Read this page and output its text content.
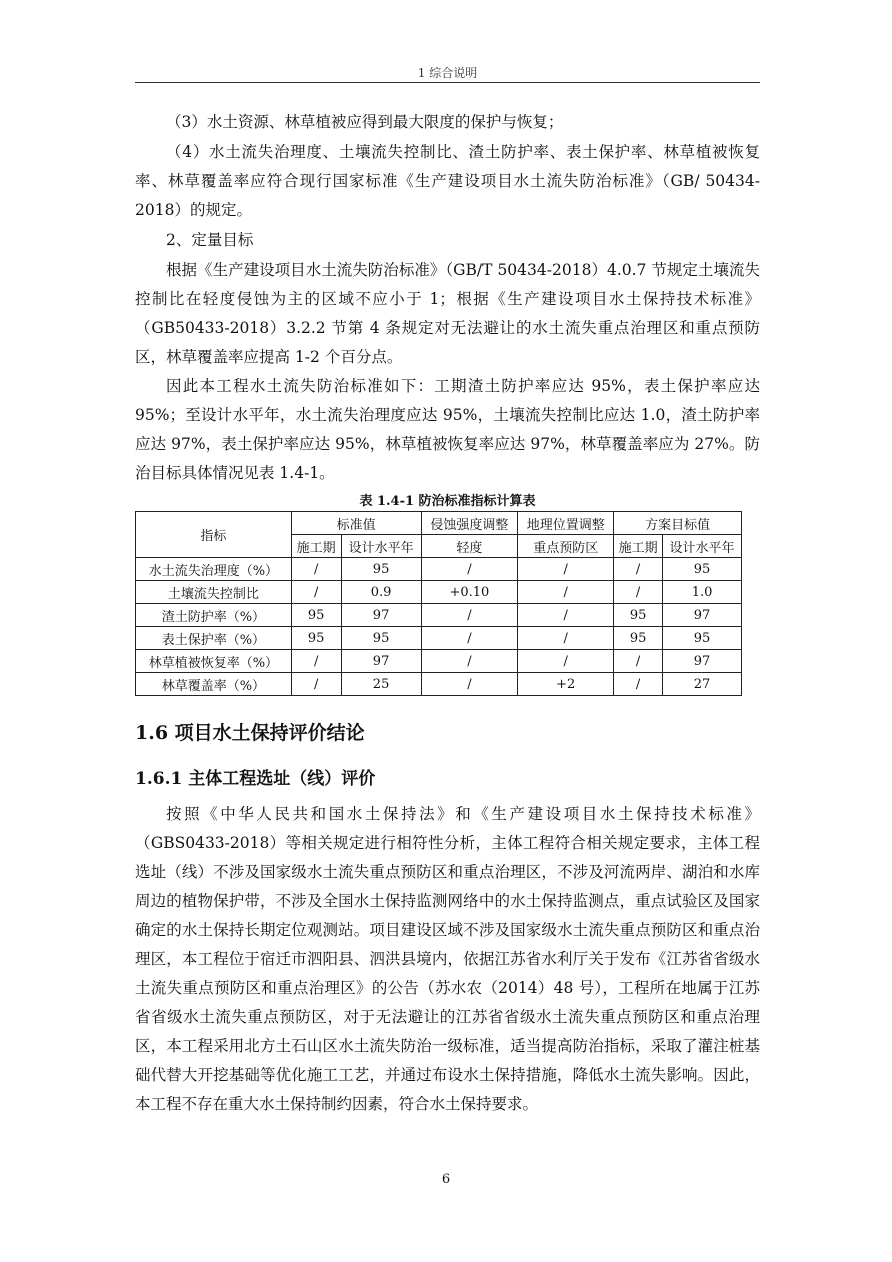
1 综合说明
（3）水土资源、林草植被应得到最大限度的保护与恢复；
（4）水土流失治理度、土壤流失控制比、渣土防护率、表土保护率、林草植被恢复率、林草覆盖率应符合现行国家标准《生产建设项目水土流失防治标准》（GB/ 50434-2018）的规定。
2、定量目标
根据《生产建设项目水土流失防治标准》（GB/T 50434-2018）4.0.7 节规定土壤流失控制比在轻度侵蚀为主的区域不应小于 1；根据《生产建设项目水土保持技术标准》（GB50433-2018）3.2.2 节第 4 条规定对无法避让的水土流失重点治理区和重点预防区，林草覆盖率应提高 1-2 个百分点。
因此本工程水土流失防治标准如下：工期渣土防护率应达 95%，表土保护率应达 95%；至设计水平年，水土流失治理度应达 95%，土壤流失控制比应达 1.0，渣土防护率应达 97%，表土保护率应达 95%，林草植被恢复率应达 97%，林草覆盖率应为 27%。防治目标具体情况见表 1.4-1。
表 1.4-1 防治标准指标计算表
指标	标准值		侵蚀强度调整	地理位置调整	方案目标值	
	施工期	设计水平年	轻度	重点预防区	施工期	设计水平年
水土流失治理度（%）	/	95	/	/	/	95
土壤流失控制比	/	0.9	+0.10	/	/	1.0
渣土防护率（%）	95	97	/	/	95	97
表土保护率（%）	95	95	/	/	95	95
林草植被恢复率（%）	/	97	/	/	/	97
林草覆盖率（%）	/	25	/	+2	/	27
1.6 项目水土保持评价结论
1.6.1 主体工程选址（线）评价
按照《中华人民共和国水土保持法》和《生产建设项目水土保持技术标准》（GBS0433-2018）等相关规定进行相符性分析，主体工程符合相关规定要求，主体工程选址（线）不涉及国家级水土流失重点预防区和重点治理区，不涉及河流两岸、湖泊和水库周边的植物保护带，不涉及全国水土保持监测网络中的水土保持监测点，重点试验区及国家确定的水土保持长期定位观测站。项目建设区域不涉及国家级水土流失重点预防区和重点治理区，本工程位于宿迁市泗阳县、泗洪县境内，依据江苏省水利厅关于发布《江苏省省级水土流失重点预防区和重点治理区》的公告（苏水农（2014）48 号），工程所在地属于江苏省省级水土流失重点预防区，对于无法避让的江苏省省级水土流失重点预防区和重点治理区，本工程采用北方土石山区水土流失防治一级标准，适当提高防治指标，采取了灌注桩基础代替大开挖基础等优化施工工艺，并通过布设水土保持措施，降低水土流失影响。因此，本工程不存在重大水土保持制约因素，符合水土保持要求。
6
